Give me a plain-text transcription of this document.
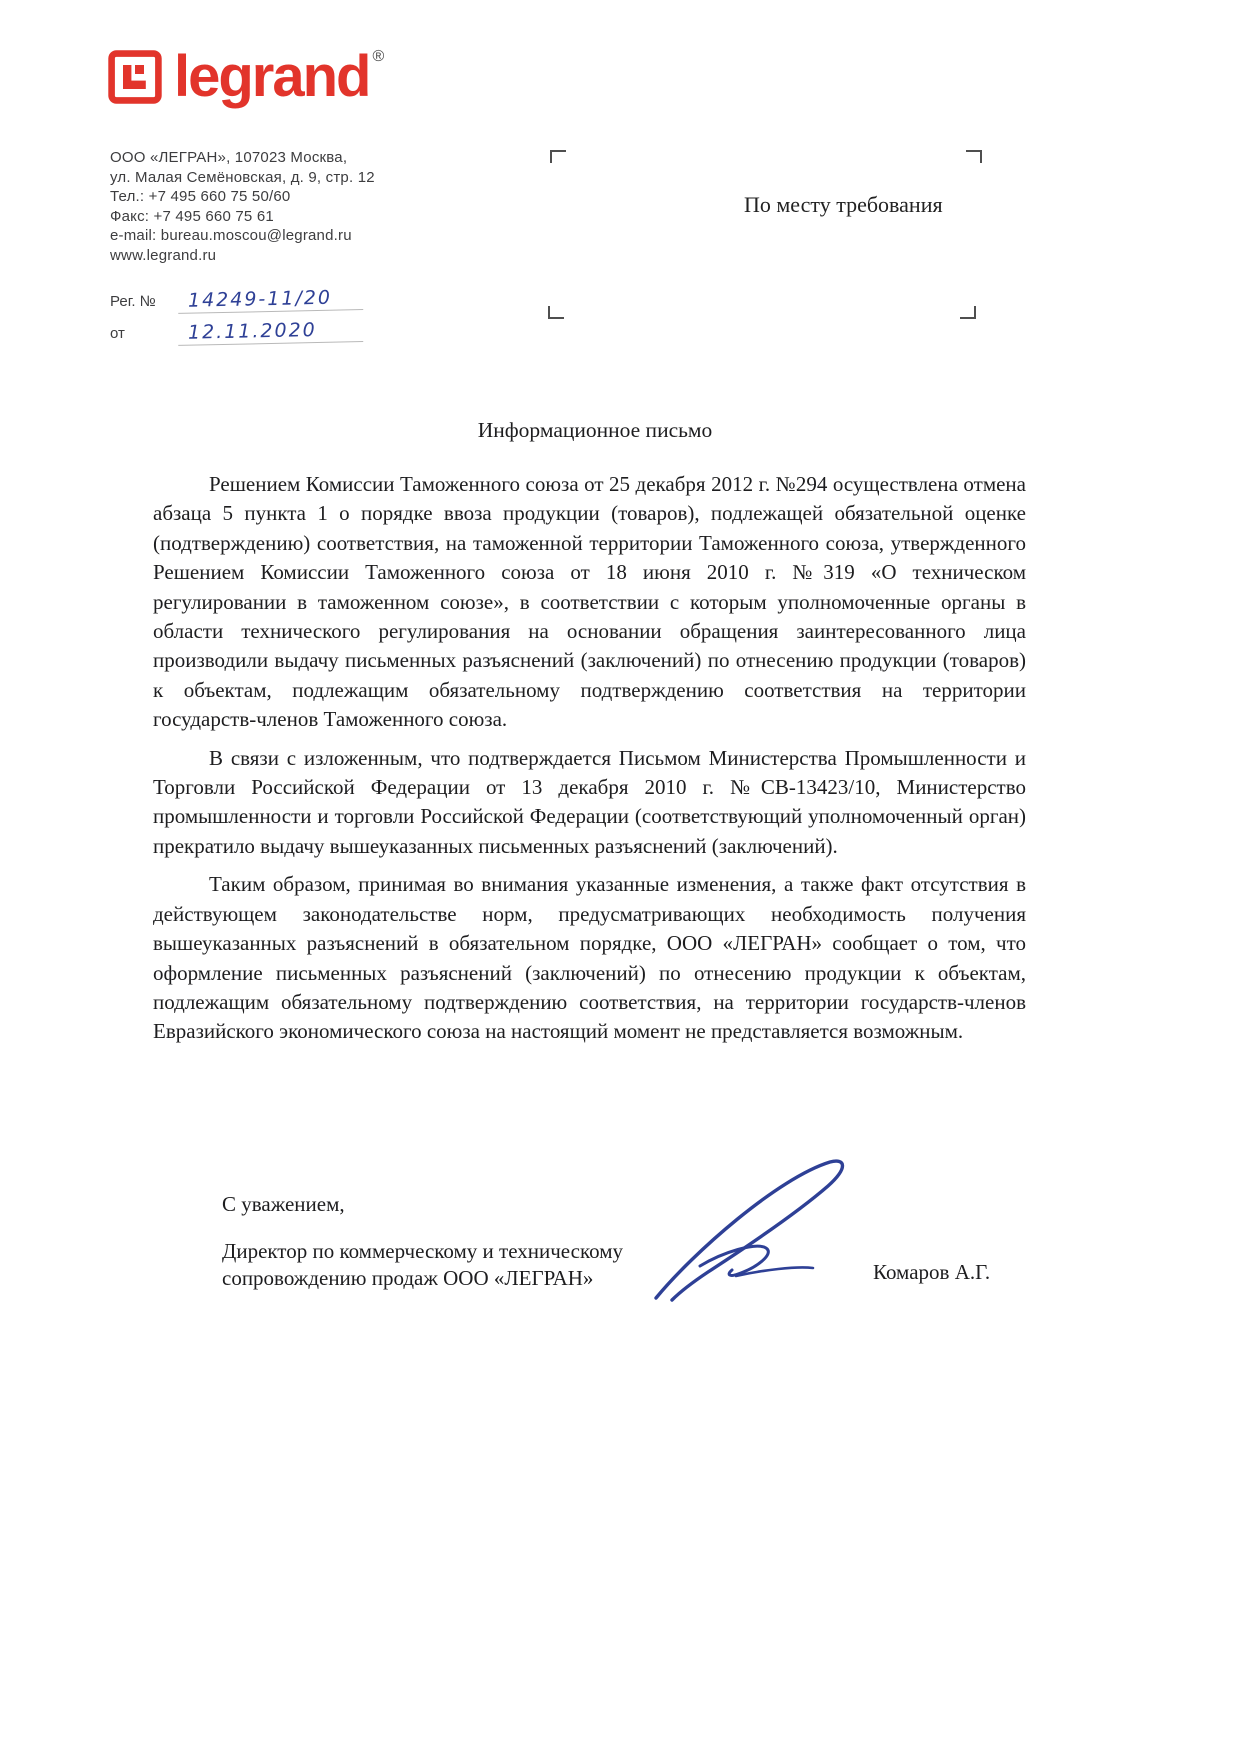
legrand ®
ООО «ЛЕГРАН», 107023 Москва,
ул. Малая Семёновская, д. 9, стр. 12
Тел.: +7 495 660 75 50/60
Факс: +7 495 660 75 61
e-mail: bureau.moscou@legrand.ru
www.legrand.ru
По месту требования
Рег. №	14249-11/20
от	12.11.2020
Информационное письмо

Решением Комиссии Таможенного союза от 25 декабря 2012 г. №294 осуществлена отмена абзаца 5 пункта 1 о порядке ввоза продукции (товаров), подлежащей обязательной оценке (подтверждению) соответствия, на таможенной территории Таможенного союза, утвержденного Решением Комиссии Таможенного союза от 18 июня 2010 г. №319 «О техническом регулировании в таможенном союзе», в соответствии с которым уполномоченные органы в области технического регулирования на основании обращения заинтересованного лица производили выдачу письменных разъяснений (заключений) по отнесению продукции (товаров) к объектам, подлежащим обязательному подтверждению соответствия на территории государств-членов Таможенного союза.

В связи с изложенным, что подтверждается Письмом Министерства Промышленности и Торговли Российской Федерации от 13 декабря 2010 г. №СВ-13423/10, Министерство промышленности и торговли Российской Федерации (соответствующий уполномоченный орган) прекратило выдачу вышеуказанных письменных разъяснений (заключений).

Таким образом, принимая во внимания указанные изменения, а также факт отсутствия в действующем законодательстве норм, предусматривающих необходимость получения вышеуказанных разъяснений в обязательном порядке, ООО «ЛЕГРАН» сообщает о том, что оформление письменных разъяснений (заключений) по отнесению продукции к объектам, подлежащим обязательному подтверждению соответствия, на территории государств-членов Евразийского экономического союза на настоящий момент не представляется возможным.

С уважением,
Директор по коммерческому и техническому
сопровождению продаж ООО «ЛЕГРАН»	Комаров А.Г.
